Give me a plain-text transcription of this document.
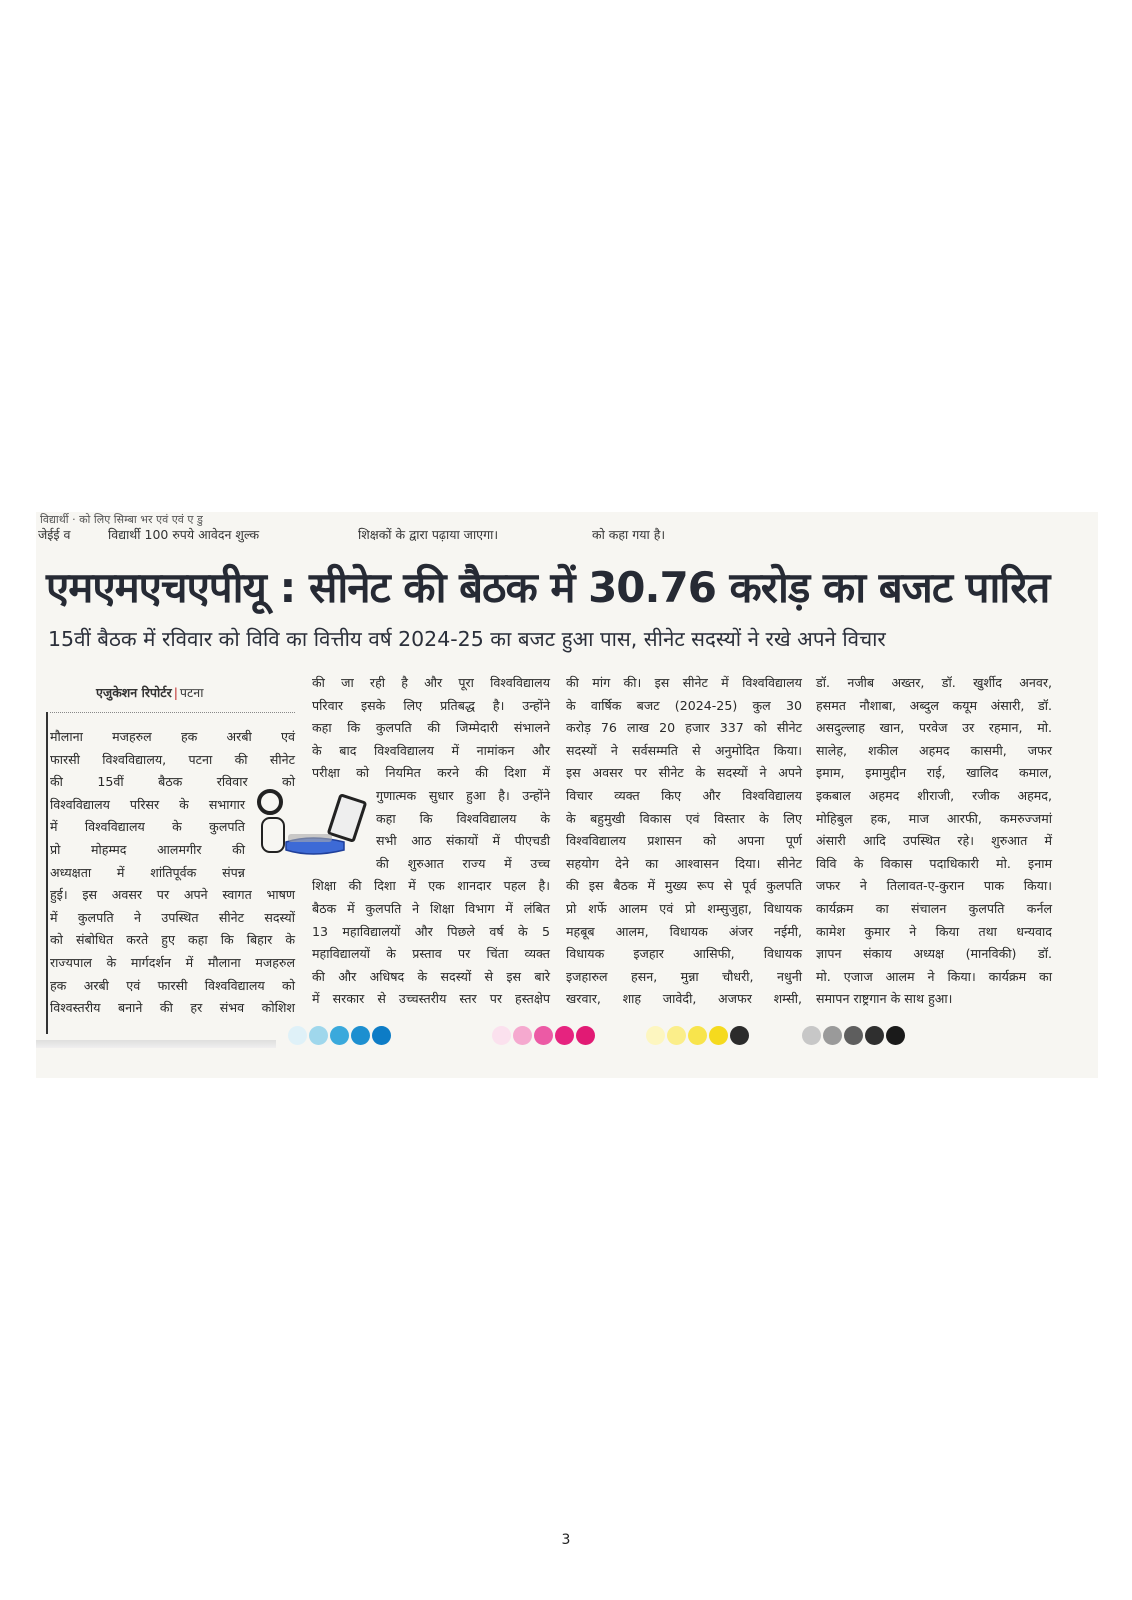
विद्यार्थी · को लिए सिम्बा भर एवं एवं ए डु
जेईई व	विद्यार्थी 100 रुपये आवेदन शुल्क	शिक्षकों के द्वारा पढ़ाया जाएगा।	को कहा गया है।
एमएमएचएपीयू : सीनेट की बैठक में 30.76 करोड़ का बजट पारित
15वीं बैठक में रविवार को विवि का वित्तीय वर्ष 2024-25 का बजट हुआ पास, सीनेट सदस्यों ने रखे अपने विचार
एजुकेशन रिपोर्टर | पटना

मौलाना मजहरुल हक अरबी एवं

फारसी विश्वविद्यालय, पटना की सीनेट

की 15वीं बैठक रविवार को

विश्वविद्यालय परिसर के सभागार

में विश्वविद्यालय के कुलपति

प्रो मोहम्मद आलमगीर की

अध्यक्षता में शांतिपूर्वक संपन्न

हुई। इस अवसर पर अपने स्वागत भाषण

में कुलपति ने उपस्थित सीनेट सदस्यों

को संबोधित करते हुए कहा कि बिहार के

राज्यपाल के मार्गदर्शन में मौलाना मजहरुल

हक अरबी एवं फारसी विश्वविद्यालय को

विश्वस्तरीय बनाने की हर संभव कोशिश

की जा रही है और पूरा विश्वविद्यालय

परिवार इसके लिए प्रतिबद्ध है। उन्होंने

कहा कि कुलपति की जिम्मेदारी संभालने

के बाद विश्वविद्यालय में नामांकन और

परीक्षा को नियमित करने की दिशा में

गुणात्मक सुधार हुआ है। उन्होंने

कहा कि विश्वविद्यालय के

सभी आठ संकायों में पीएचडी

की शुरुआत राज्य में उच्च

शिक्षा की दिशा में एक शानदार पहल है।

बैठक में कुलपति ने शिक्षा विभाग में लंबित

13 महाविद्यालयों और पिछले वर्ष के 5

महाविद्यालयों के प्रस्ताव पर चिंता व्यक्त

की और अधिषद के सदस्यों से इस बारे

में सरकार से उच्चस्तरीय स्तर पर हस्तक्षेप

की मांग की। इस सीनेट में विश्वविद्यालय

के वार्षिक बजट (2024-25) कुल 30

करोड़ 76 लाख 20 हजार 337 को सीनेट

सदस्यों ने सर्वसम्मति से अनुमोदित किया।

इस अवसर पर सीनेट के सदस्यों ने अपने

विचार व्यक्त किए और विश्वविद्यालय

के बहुमुखी विकास एवं विस्तार के लिए

विश्वविद्यालय प्रशासन को अपना पूर्ण

सहयोग देने का आश्वासन दिया। सीनेट

की इस बैठक में मुख्य रूप से पूर्व कुलपति

प्रो शर्फे आलम एवं प्रो शम्सुजुहा, विधायक

महबूब आलम, विधायक अंजर नईमी,

विधायक इजहार आसिफी, विधायक

इजहारुल हसन, मुन्ना चौधरी, नधुनी

खरवार, शाह जावेदी, अजफर शम्सी,

डॉ. नजीब अख्तर, डॉ. खुर्शीद अनवर,

हसमत नौशाबा, अब्दुल कयूम अंसारी, डॉ.

असदुल्लाह खान, परवेज उर रहमान, मो.

सालेह, शकील अहमद कासमी, जफर

इमाम, इमामुद्दीन राई, खालिद कमाल,

इकबाल अहमद शीराजी, रजीक अहमद,

मोहिबुल हक, माज आरफी, कमरुज्जमां

अंसारी आदि उपस्थित रहे। शुरुआत में

विवि के विकास पदाधिकारी मो. इनाम

जफर ने तिलावत-ए-कुरान पाक किया।

कार्यक्रम का संचालन कुलपति कर्नल

कामेश कुमार ने किया तथा धन्यवाद

ज्ञापन संकाय अध्यक्ष (मानविकी) डॉ.

मो. एजाज आलम ने किया। कार्यक्रम का

समापन राष्ट्रगान के साथ हुआ।

3
